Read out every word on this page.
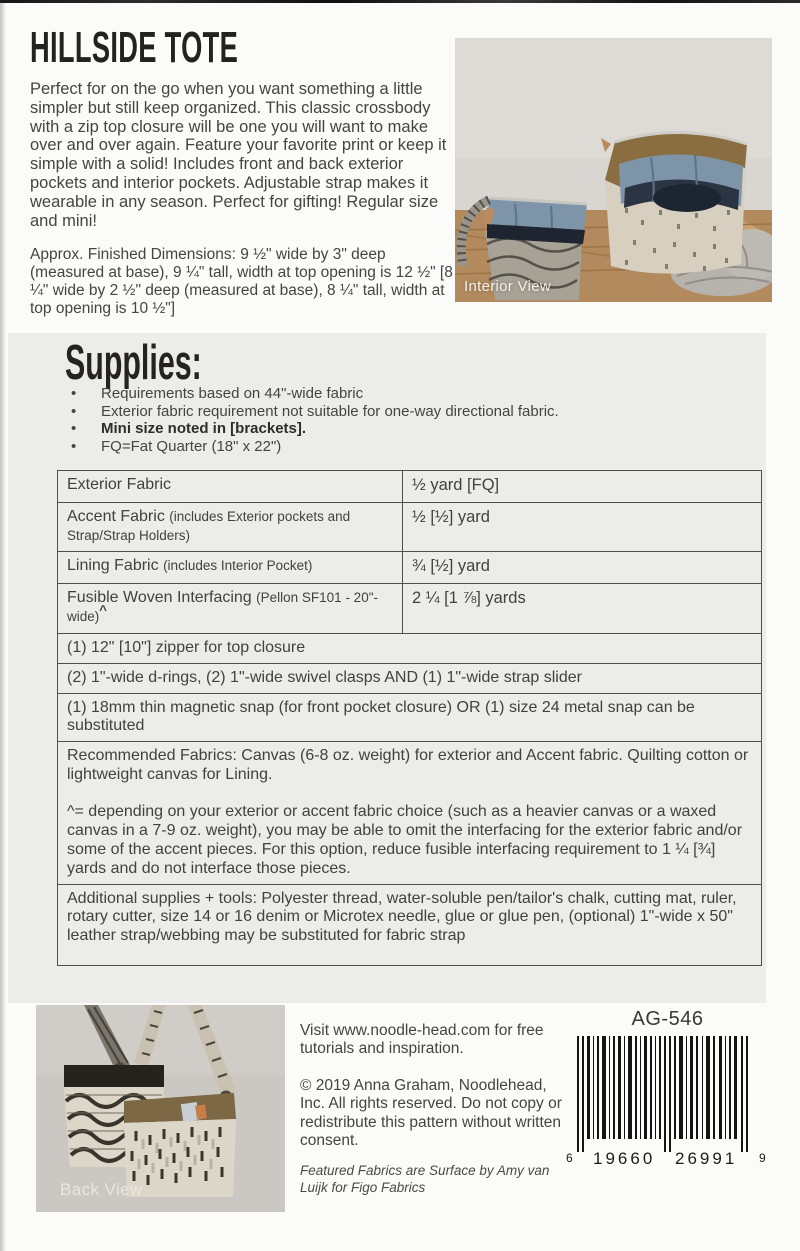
HILLSIDE TOTE

Perfect for on the go when you want something a little simpler but still keep organized. This classic crossbody with a zip top closure will be one you will want to make over and over again. Feature your favorite print or keep it simple with a solid! Includes front and back exterior pockets and interior pockets. Adjustable strap makes it wearable in any season. Perfect for gifting! Regular size and mini!

Approx. Finished Dimensions: 9 ½" wide by 3" deep (measured at base), 9 ¼" tall, width at top opening is 12 ½" [8 ¼" wide by 2 ½" deep (measured at base), 8 ¼" tall, width at top opening is 10 ½"]

Interior View
Supplies:
• Requirements based on 44"-wide fabric
• Exterior fabric requirement not suitable for one-way directional fabric.
• Mini size noted in [brackets].
• FQ=Fat Quarter (18" x 22")
Exterior Fabric	½ yard [FQ]
Accent Fabric (includes Exterior pockets and Strap/Strap Holders)	½ [½] yard
Lining Fabric (includes Interior Pocket)	¾ [½] yard
Fusible Woven Interfacing (Pellon SF101 - 20"-wide)^	2 ¼ [1 ⅞] yards
(1) 12" [10"] zipper for top closure	
(2) 1"-wide d-rings, (2) 1"-wide swivel clasps AND (1) 1"-wide strap slider	
(1) 18mm thin magnetic snap (for front pocket closure) OR (1) size 24 metal snap can be substituted	

Recommended Fabrics: Canvas (6-8 oz. weight) for exterior and Accent fabric. Quilting cotton or lightweight canvas for Lining.

^= depending on your exterior or accent fabric choice (such as a heavier canvas or a waxed canvas in a 7-9 oz. weight), you may be able to omit the interfacing for the exterior fabric and/or some of the accent pieces. For this option, reduce fusible interfacing requirement to 1 ¼ [¾] yards and do not interface those pieces.	

Additional supplies + tools: Polyester thread, water-soluble pen/tailor's chalk, cutting mat, ruler, rotary cutter, size 14 or 16 denim or Microtex needle, glue or glue pen, (optional) 1"-wide x 50" leather strap/webbing may be substituted for fabric strap	
Back View

Visit www.noodle-head.com for free tutorials and inspiration.

© 2019 Anna Graham, Noodlehead, Inc. All rights reserved. Do not copy or redistribute this pattern without written consent.

Featured Fabrics are Surface by Amy van Luijk for Figo Fabrics

AG-546
6 19660 26991 9
